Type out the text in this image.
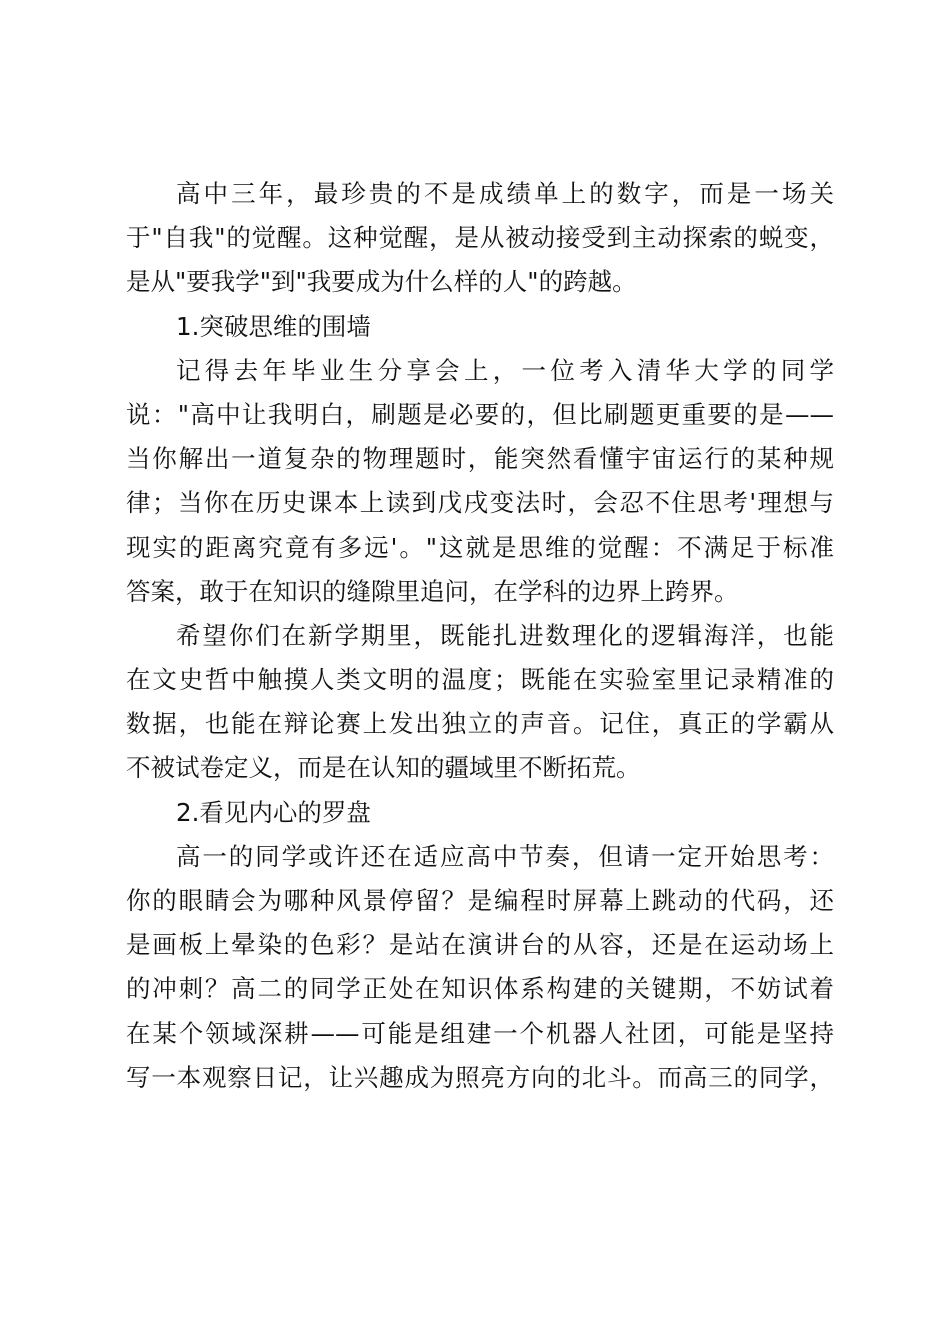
高中三年，最珍贵的不是成绩单上的数字，而是一场关
于"自我"的觉醒。这种觉醒，是从被动接受到主动探索的蜕变，
是从"要我学"到"我要成为什么样的人"的跨越。
1.突破思维的围墙
记得去年毕业生分享会上，一位考入清华大学的同学
说："高中让我明白，刷题是必要的，但比刷题更重要的是——
当你解出一道复杂的物理题时，能突然看懂宇宙运行的某种规
律；当你在历史课本上读到戊戌变法时，会忍不住思考'理想与
现实的距离究竟有多远'。"这就是思维的觉醒：不满足于标准
答案，敢于在知识的缝隙里追问，在学科的边界上跨界。
希望你们在新学期里，既能扎进数理化的逻辑海洋，也能
在文史哲中触摸人类文明的温度；既能在实验室里记录精准的
数据，也能在辩论赛上发出独立的声音。记住，真正的学霸从
不被试卷定义，而是在认知的疆域里不断拓荒。
2.看见内心的罗盘
高一的同学或许还在适应高中节奏，但请一定开始思考：
你的眼睛会为哪种风景停留？是编程时屏幕上跳动的代码，还
是画板上晕染的色彩？是站在演讲台的从容，还是在运动场上
的冲刺？高二的同学正处在知识体系构建的关键期，不妨试着
在某个领域深耕——可能是组建一个机器人社团，可能是坚持
写一本观察日记，让兴趣成为照亮方向的北斗。而高三的同学，
